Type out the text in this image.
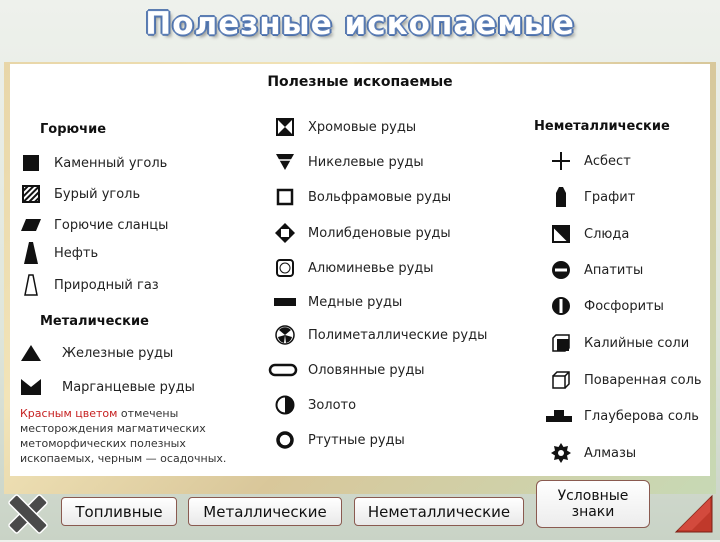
Полезные ископаемые
Полезные ископаемые
Горючие
Каменный уголь
Бурый уголь
Горючие сланцы
Нефть
Природный газ
Металические
Железные руды
Марганцевые руды
Красным цветом отмечены месторождения магматических метоморфических полезных ископаемых, черным — осадочных.
Хромовые руды
Никелевые руды
Вольфрамовые руды
Молибденовые руды
Алюминевье руды
Медные руды
Полиметаллические руды
Оловянные руды
Золото
Ртутные руды
Неметаллические
Асбест
Графит
Слюда
Апатиты
Фосфориты
Калийные соли
Поваренная соль
Глауберова соль
Алмазы
Топливные	Металлические	Неметаллические
Условные знаки
